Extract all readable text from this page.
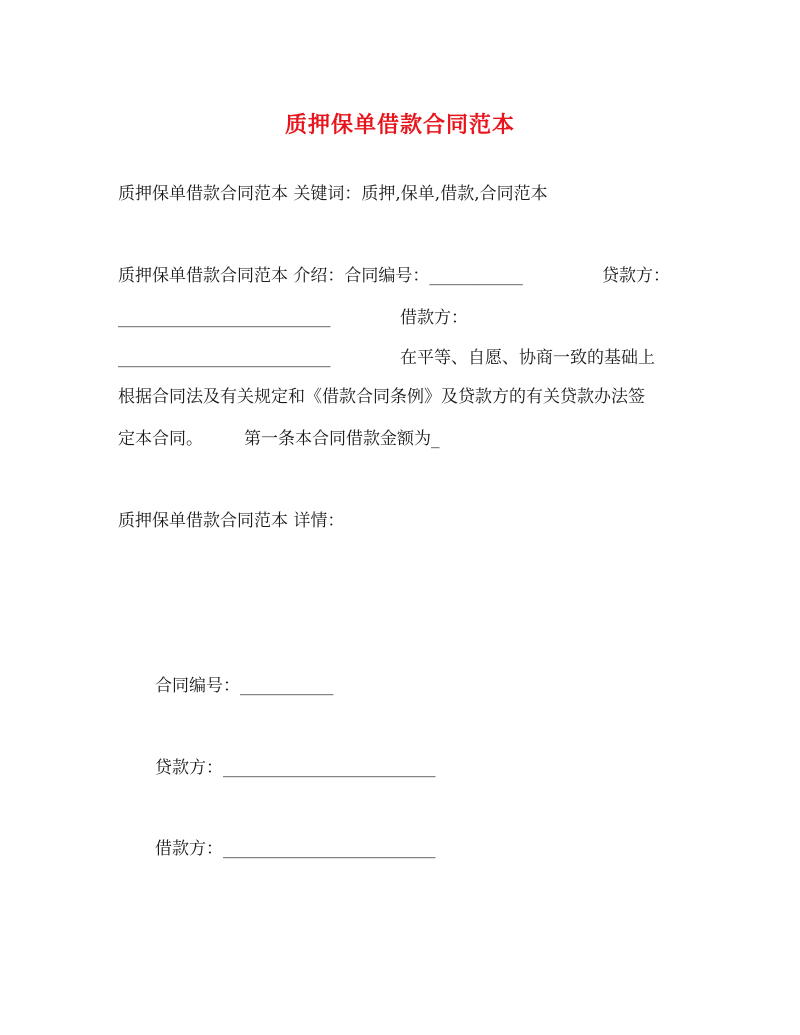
质押保单借款合同范本
质押保单借款合同范本 关键词：质押,保单,借款,合同范本
质押保单借款合同范本 介绍：合同编号：___________	贷款方：
_________________________	借款方：
_________________________	在平等、自愿、协商一致的基础上
根据合同法及有关规定和《借款合同条例》及贷款方的有关贷款办法签
定本合同。 第一条本合同借款金额为_
质押保单借款合同范本 详情：
合同编号：___________
贷款方：_________________________
借款方：_________________________
